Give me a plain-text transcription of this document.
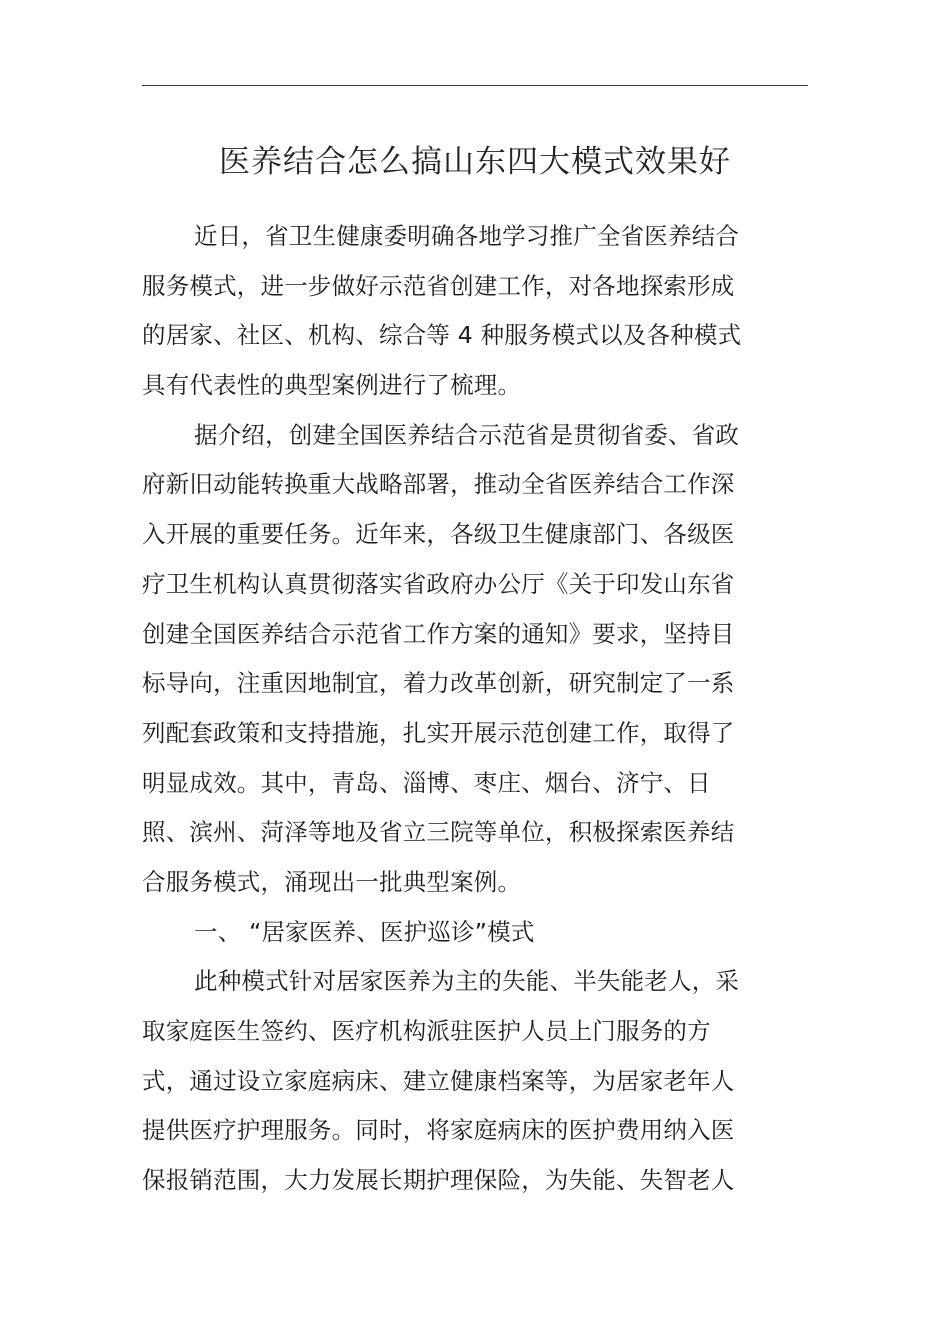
医养结合怎么搞山东四大模式效果好
近日，省卫生健康委明确各地学习推广全省医养结合
服务模式，进一步做好示范省创建工作，对各地探索形成
的居家、社区、机构、综合等 4 种服务模式以及各种模式
具有代表性的典型案例进行了梳理。
据介绍，创建全国医养结合示范省是贯彻省委、省政
府新旧动能转换重大战略部署，推动全省医养结合工作深
入开展的重要任务。近年来，各级卫生健康部门、各级医
疗卫生机构认真贯彻落实省政府办公厅《关于印发山东省
创建全国医养结合示范省工作方案的通知》要求，坚持目
标导向，注重因地制宜，着力改革创新，研究制定了一系
列配套政策和支持措施，扎实开展示范创建工作，取得了
明显成效。其中，青岛、淄博、枣庄、烟台、济宁、日
照、滨州、菏泽等地及省立三院等单位，积极探索医养结
合服务模式，涌现出一批典型案例。
一、 “居家医养、医护巡诊”模式
此种模式针对居家医养为主的失能、半失能老人，采
取家庭医生签约、医疗机构派驻医护人员上门服务的方
式，通过设立家庭病床、建立健康档案等，为居家老年人
提供医疗护理服务。同时，将家庭病床的医护费用纳入医
保报销范围，大力发展长期护理保险，为失能、失智老人
